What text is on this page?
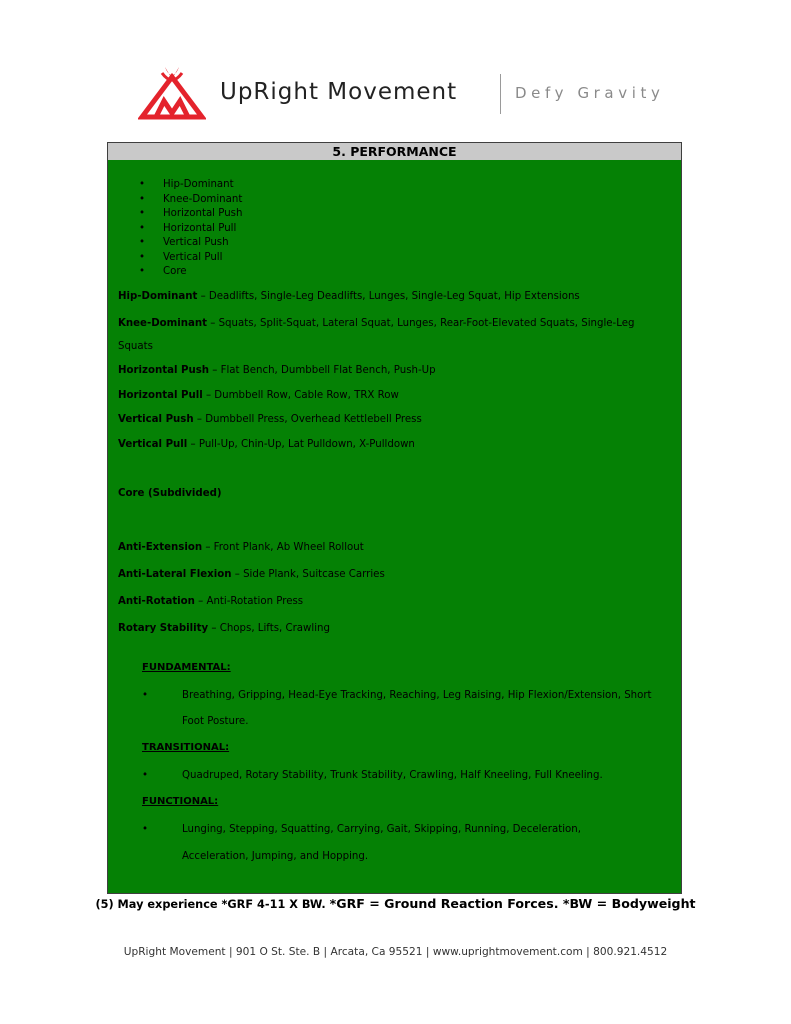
UpRight Movement	Defy Gravity
5. PERFORMANCE
• Hip-Dominant
• Knee-Dominant
• Horizontal Push
• Horizontal Pull
• Vertical Push
• Vertical Pull
• Core
Hip-Dominant – Deadlifts, Single-Leg Deadlifts, Lunges, Single-Leg Squat, Hip Extensions
Knee-Dominant – Squats, Split-Squat, Lateral Squat, Lunges, Rear-Foot-Elevated Squats, Single-Leg
Squats
Horizontal Push – Flat Bench, Dumbbell Flat Bench, Push-Up
Horizontal Pull – Dumbbell Row, Cable Row, TRX Row
Vertical Push – Dumbbell Press, Overhead Kettlebell Press
Vertical Pull – Pull-Up, Chin-Up, Lat Pulldown, X-Pulldown
Core (Subdivided)
Anti-Extension – Front Plank, Ab Wheel Rollout
Anti-Lateral Flexion – Side Plank, Suitcase Carries
Anti-Rotation – Anti-Rotation Press
Rotary Stability – Chops, Lifts, Crawling
FUNDAMENTAL:
•	Breathing, Gripping, Head-Eye Tracking, Reaching, Leg Raising, Hip Flexion/Extension, Short
Foot Posture.
TRANSITIONAL:
•	Quadruped, Rotary Stability, Trunk Stability, Crawling, Half Kneeling, Full Kneeling.
FUNCTIONAL:
•	Lunging, Stepping, Squatting, Carrying, Gait, Skipping, Running, Deceleration,
Acceleration, Jumping, and Hopping.
(5) May experience *GRF 4-11 X BW. *GRF = Ground Reaction Forces. *BW = Bodyweight
UpRight Movement | 901 O St. Ste. B | Arcata, Ca 95521 | www.uprightmovement.com | 800.921.4512
